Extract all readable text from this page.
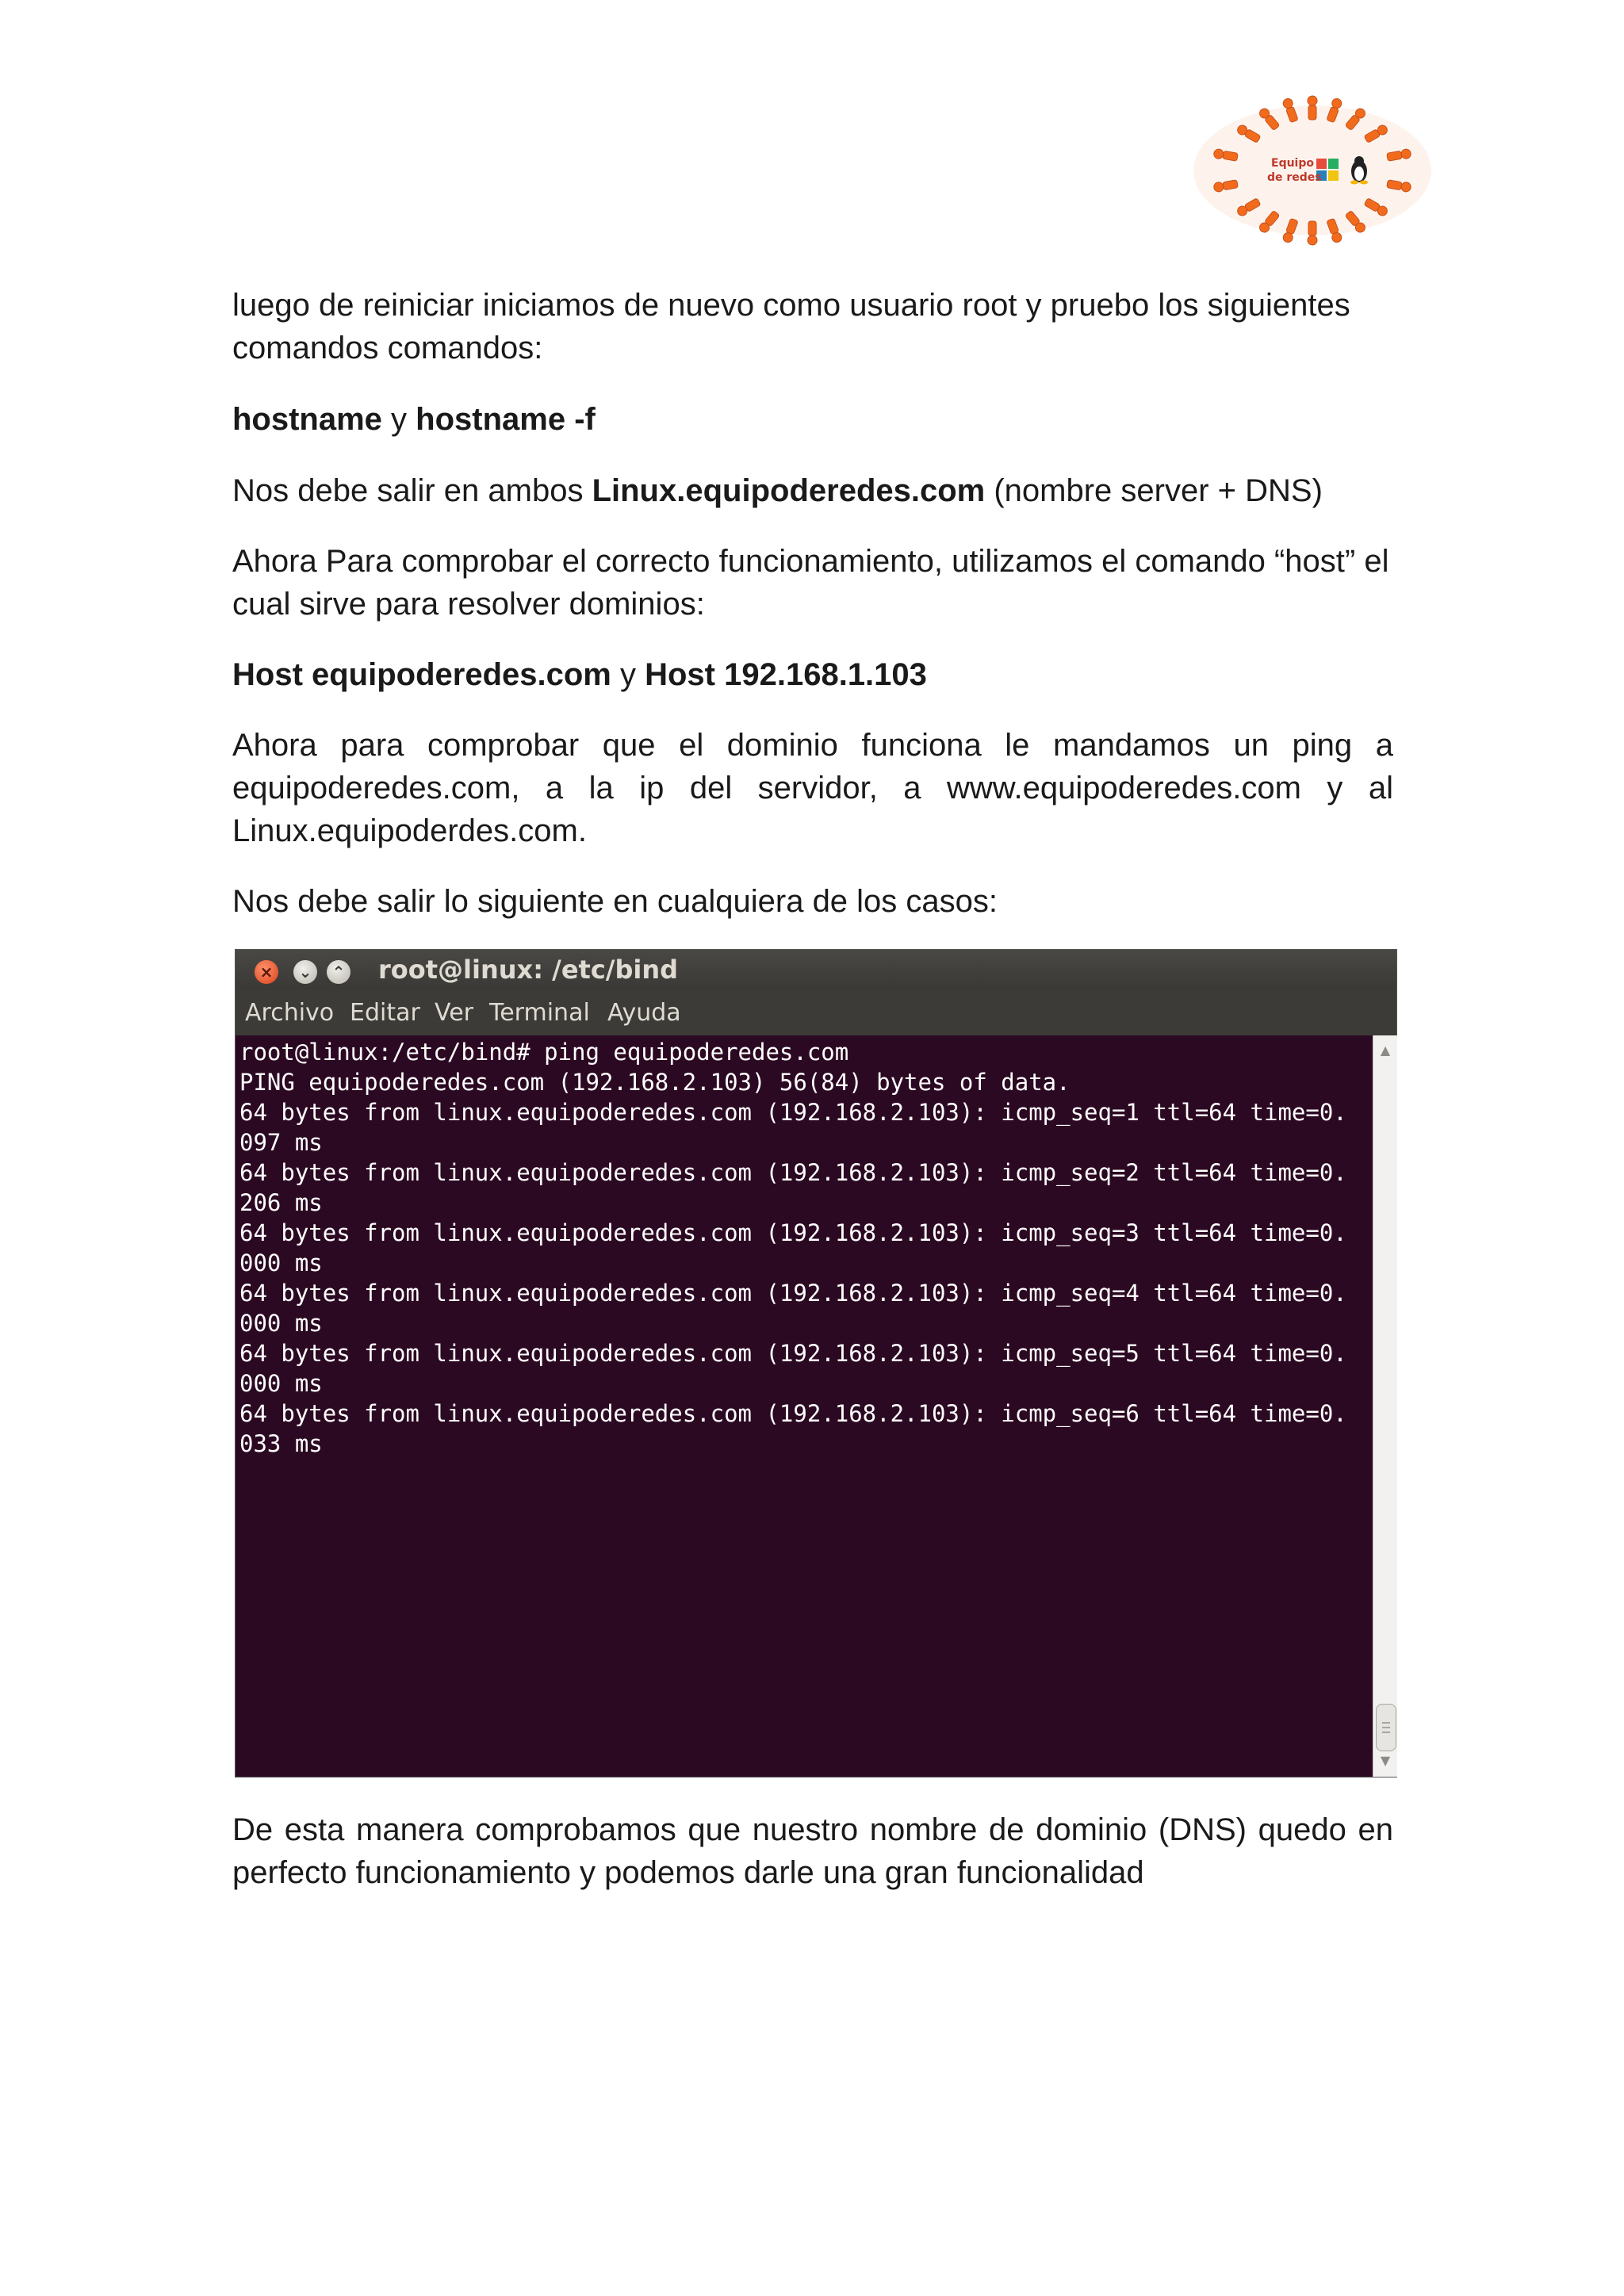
Equipo
de redes

luego de reiniciar iniciamos de nuevo como usuario root y pruebo los siguientes
comandos comandos:

hostname y hostname -f

Nos debe salir en ambos Linux.equipoderedes.com (nombre server + DNS)

Ahora Para comprobar el correcto funcionamiento, utilizamos el comando “host” el cual sirve para resolver dominios:

Host equipoderedes.com y Host 192.168.1.103

Ahora para comprobar que el dominio funciona le mandamos un ping a equipoderedes.com, a la ip del servidor, a www.equipoderedes.com y al Linux.equipoderdes.com.

Nos debe salir lo siguiente en cualquiera de los casos:

×	⌄	⌃ root@linux: /etc/bind
Archivo Editar Ver Terminal Ayuda
root@linux:/etc/bind# ping equipoderedes.com
PING equipoderedes.com (192.168.2.103) 56(84) bytes of data.
64 bytes from linux.equipoderedes.com (192.168.2.103): icmp_seq=1 ttl=64 time=0.
097 ms
64 bytes from linux.equipoderedes.com (192.168.2.103): icmp_seq=2 ttl=64 time=0.
206 ms
64 bytes from linux.equipoderedes.com (192.168.2.103): icmp_seq=3 ttl=64 time=0.
000 ms
64 bytes from linux.equipoderedes.com (192.168.2.103): icmp_seq=4 ttl=64 time=0.
000 ms
64 bytes from linux.equipoderedes.com (192.168.2.103): icmp_seq=5 ttl=64 time=0.
000 ms
64 bytes from linux.equipoderedes.com (192.168.2.103): icmp_seq=6 ttl=64 time=0.
033 ms
▲
▼

De esta manera comprobamos que nuestro nombre de dominio (DNS) quedo en perfecto funcionamiento y podemos darle una gran funcionalidad
